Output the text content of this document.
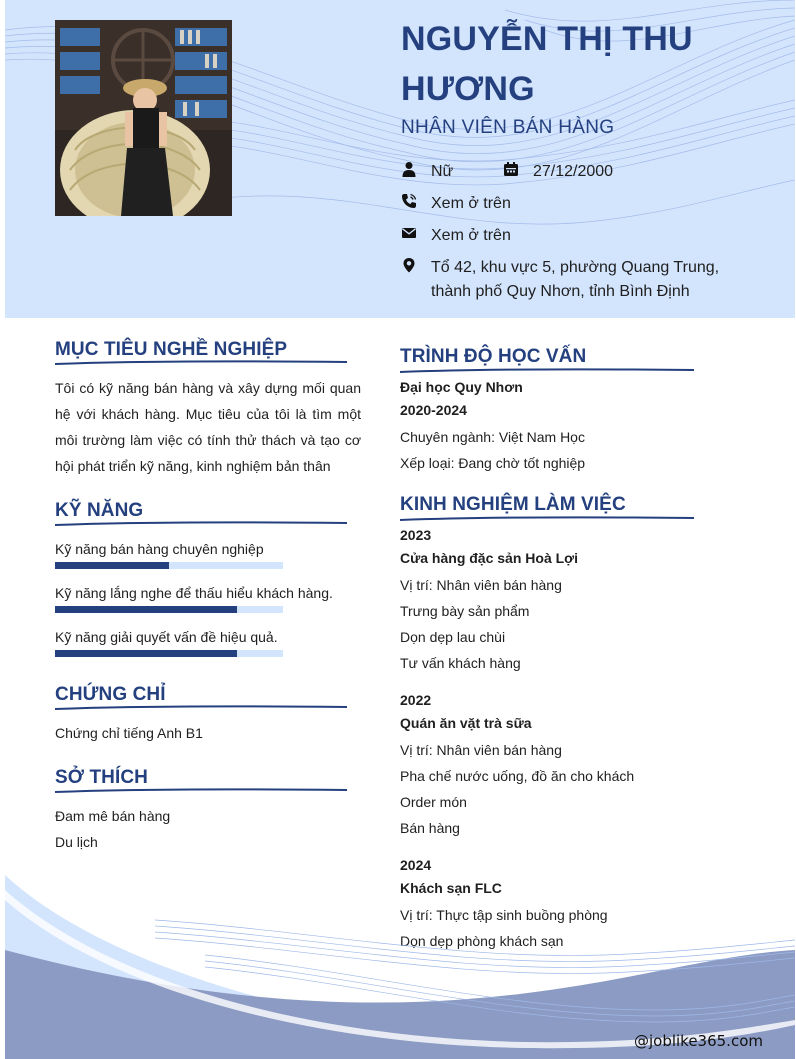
NGUYỄN THỊ THU HƯƠNG
NHÂN VIÊN BÁN HÀNG
Nữ	27/12/2000
Xem ở trên
Xem ở trên
Tổ 42, khu vực 5, phường Quang Trung, thành phố Quy Nhơn, tỉnh Bình Định
MỤC TIÊU NGHỀ NGHIỆP
Tôi có kỹ năng bán hàng và xây dựng mối quan hệ với khách hàng. Mục tiêu của tôi là tìm một môi trường làm việc có tính thử thách và tạo cơ hội phát triển kỹ năng, kinh nghiệm bản thân
KỸ NĂNG
Kỹ năng bán hàng chuyên nghiệp
Kỹ năng lắng nghe để thấu hiểu khách hàng.
Kỹ năng giải quyết vấn đề hiệu quả.
CHỨNG CHỈ
Chứng chỉ tiếng Anh B1
SỞ THÍCH
Đam mê bán hàng
Du lịch
TRÌNH ĐỘ HỌC VẤN
Đại học Quy Nhơn
2020-2024
Chuyên ngành: Việt Nam Học
Xếp loại: Đang chờ tốt nghiệp
KINH NGHIỆM LÀM VIỆC
2023
Cửa hàng đặc sản Hoà Lợi
Vị trí: Nhân viên bán hàng
Trưng bày sản phẩm
Dọn dẹp lau chùi
Tư vấn khách hàng
2022
Quán ăn vặt trà sữa
Vị trí: Nhân viên bán hàng
Pha chế nước uống, đồ ăn cho khách
Order món
Bán hàng
2024
Khách sạn FLC
Vị trí: Thực tập sinh buồng phòng
Dọn dẹp phòng khách sạn
@joblike365.com
